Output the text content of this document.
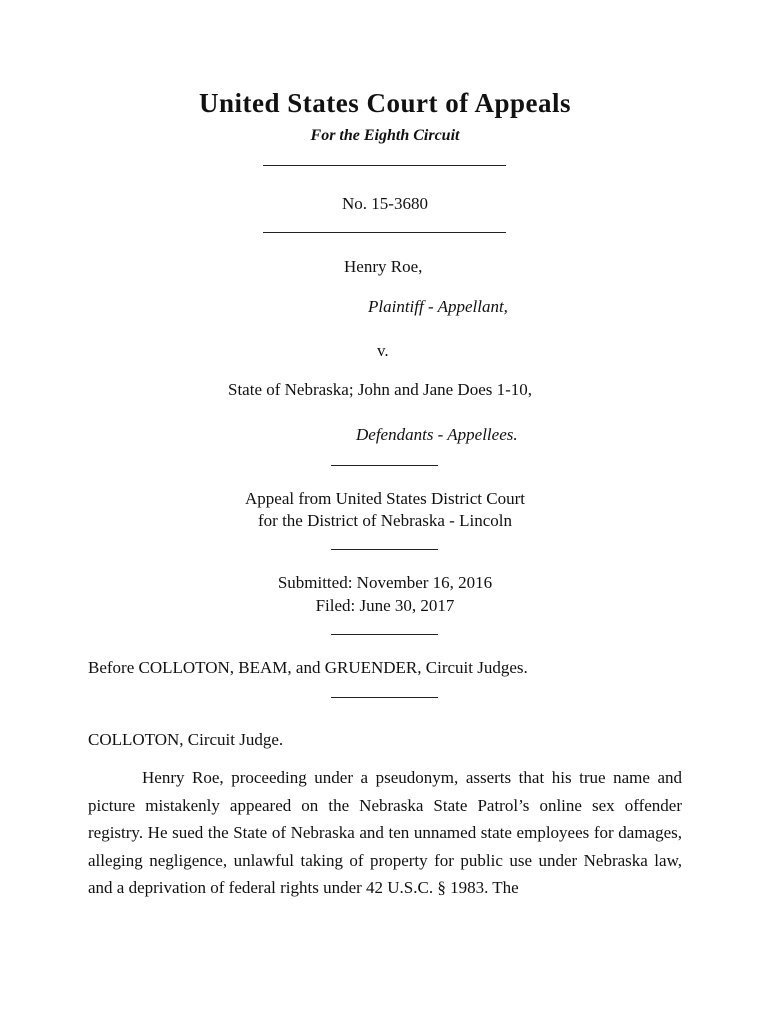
United States Court of Appeals
For the Eighth Circuit
No. 15-3680
Henry Roe,
Plaintiff - Appellant,
v.
State of Nebraska; John and Jane Does 1-10,
Defendants - Appellees.
Appeal from United States District Court
for the District of Nebraska - Lincoln
Submitted: November 16, 2016
Filed: June 30, 2017
Before COLLOTON, BEAM, and GRUENDER, Circuit Judges.
COLLOTON, Circuit Judge.

Henry Roe, proceeding under a pseudonym, asserts that his true name and picture mistakenly appeared on the Nebraska State Patrol’s online sex offender registry. He sued the State of Nebraska and ten unnamed state employees for damages, alleging negligence, unlawful taking of property for public use under Nebraska law, and a deprivation of federal rights under 42 U.S.C. § 1983. The
